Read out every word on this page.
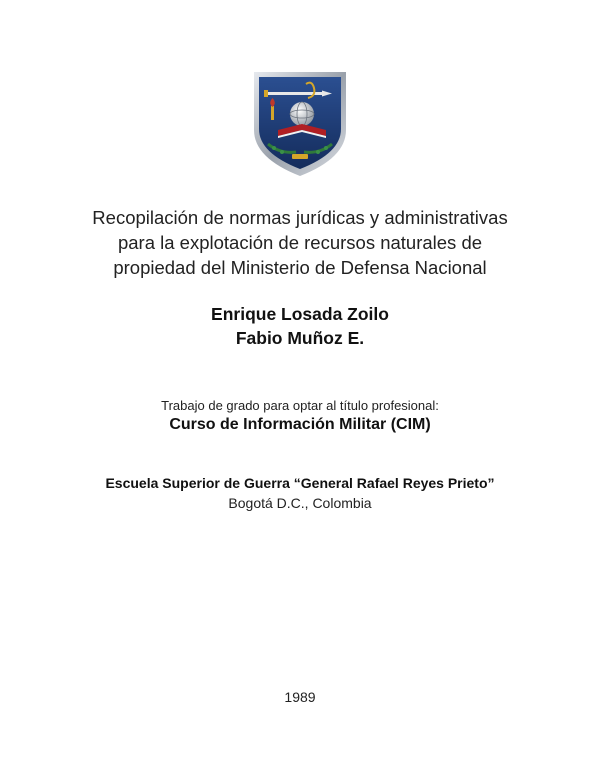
Recopilación de normas jurídicas y administrativas
para la explotación de recursos naturales de
propiedad del Ministerio de Defensa Nacional
Enrique Losada Zoilo
Fabio Muñoz E.
Trabajo de grado para optar al título profesional:
Curso de Información Militar (CIM)
Escuela Superior de Guerra “General Rafael Reyes Prieto”
Bogotá D.C., Colombia
1989
